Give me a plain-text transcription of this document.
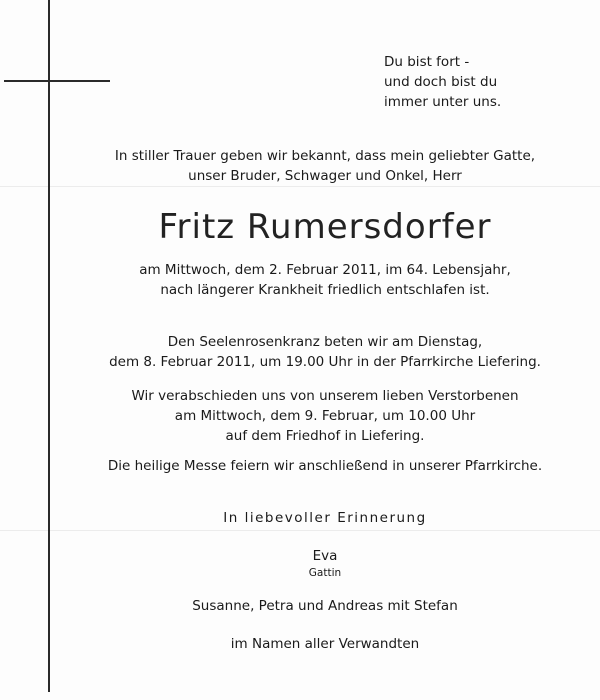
Du bist fort -
und doch bist du
immer unter uns.
In stiller Trauer geben wir bekannt, dass mein geliebter Gatte,
unser Bruder, Schwager und Onkel, Herr
Fritz Rumersdorfer
am Mittwoch, dem 2. Februar 2011, im 64. Lebensjahr,
nach längerer Krankheit friedlich entschlafen ist.
Den Seelenrosenkranz beten wir am Dienstag,
dem 8. Februar 2011, um 19.00 Uhr in der Pfarrkirche Liefering.
Wir verabschieden uns von unserem lieben Verstorbenen
am Mittwoch, dem 9. Februar, um 10.00 Uhr
auf dem Friedhof in Liefering.
Die heilige Messe feiern wir anschließend in unserer Pfarrkirche.
In liebevoller Erinnerung
Eva
Gattin
Susanne, Petra und Andreas mit Stefan
im Namen aller Verwandten
